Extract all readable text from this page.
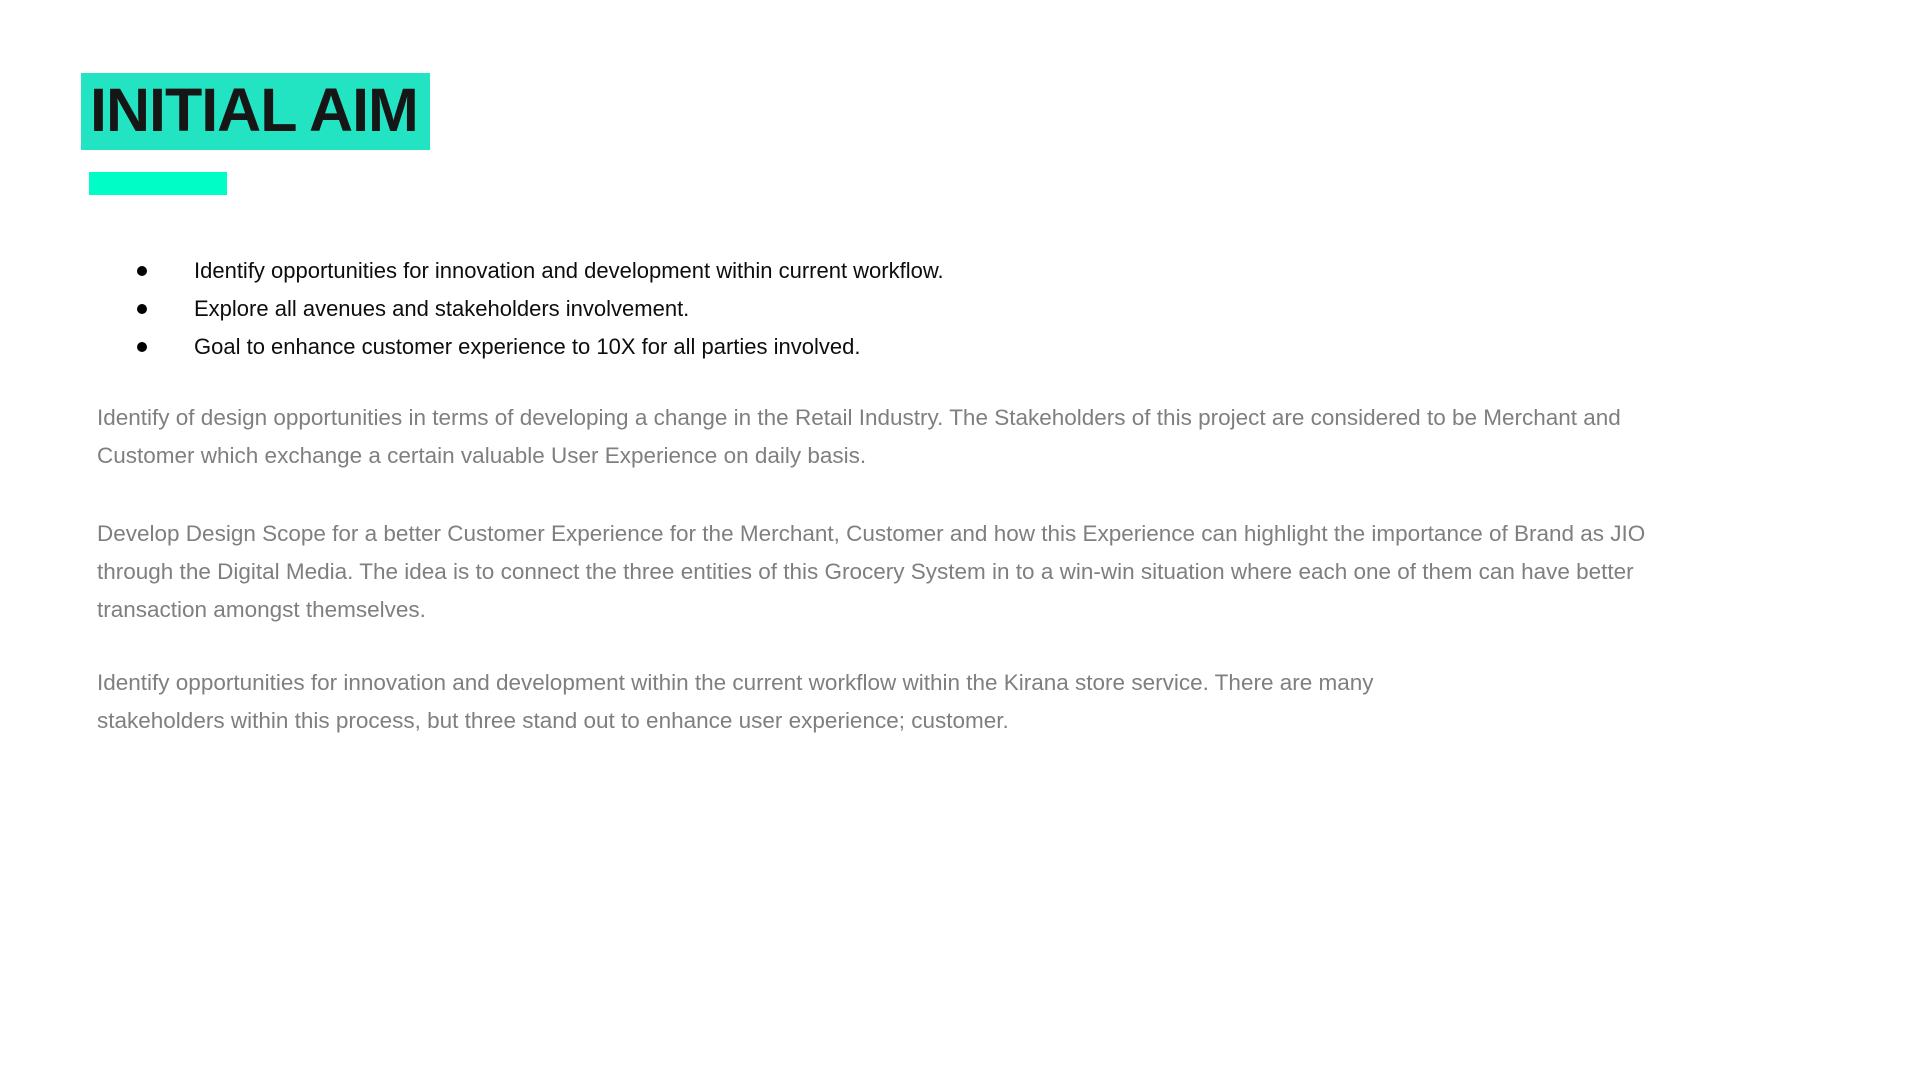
INITIAL AIM
Identify opportunities for innovation and development within current workflow.
Explore all avenues and stakeholders involvement.
Goal to enhance customer experience to 10X for all parties involved.
Identify of design opportunities in terms of developing a change in the Retail Industry. The Stakeholders of this project are considered to be Merchant and
Customer which exchange a certain valuable User Experience on daily basis.
Develop Design Scope for a better Customer Experience for the Merchant, Customer and how this Experience can highlight the importance of Brand as JIO
through the Digital Media. The idea is to connect the three entities of this Grocery System in to a win-win situation where each one of them can have better
transaction amongst themselves.
Identify opportunities for innovation and development within the current workflow within the Kirana store service. There are many
stakeholders within this process, but three stand out to enhance user experience; customer.
